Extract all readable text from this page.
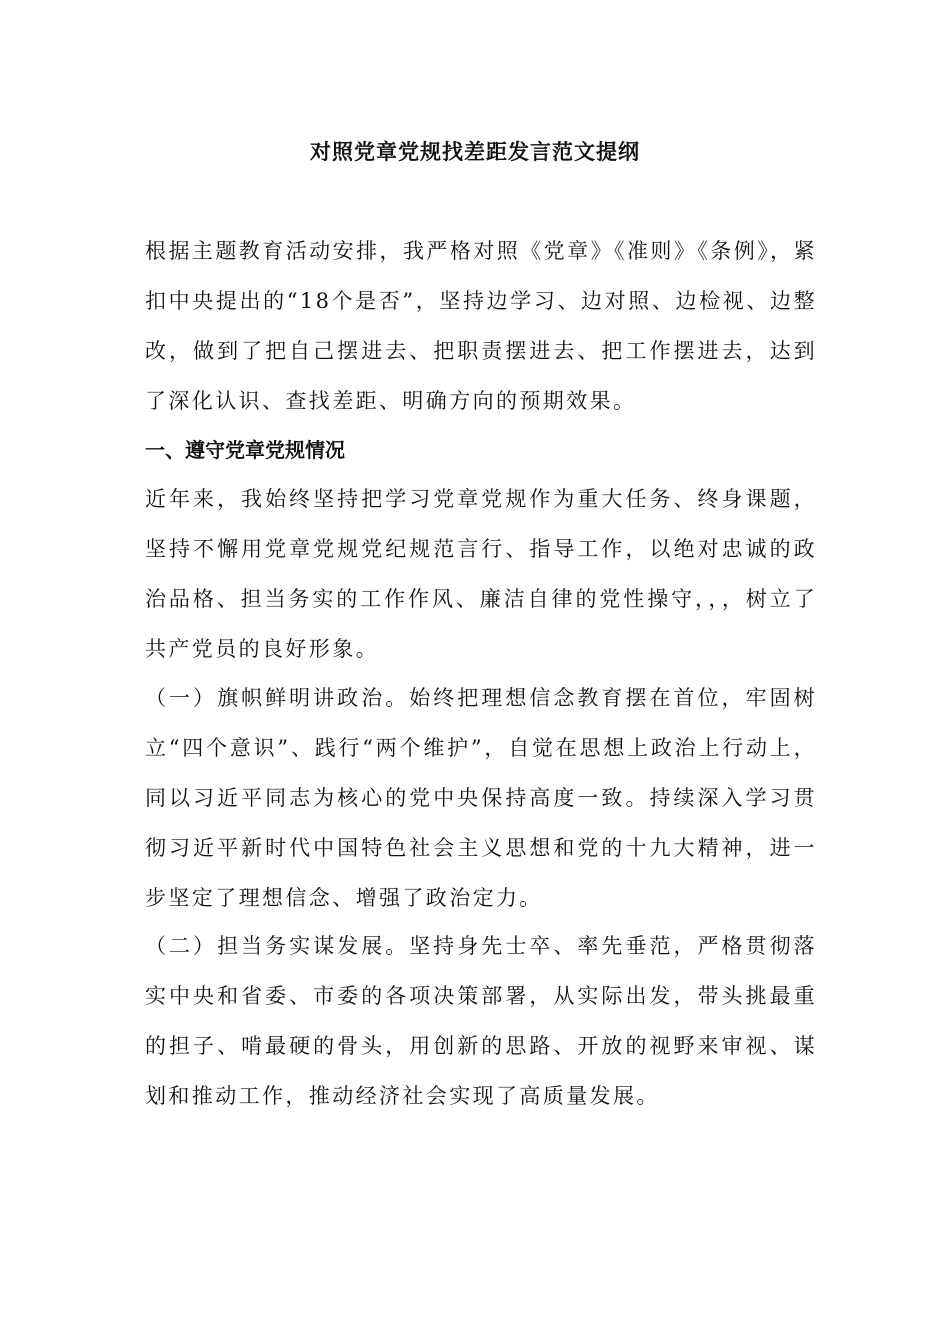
对照党章党规找差距发言范文提纲
根据主题教育活动安排，我严格对照《党章》《准则》《条例》，紧扣中央提出的“18个是否”，坚持边学习、边对照、边检视、边整改，做到了把自己摆进去、把职责摆进去、把工作摆进去，达到了深化认识、查找差距、明确方向的预期效果。
一、遵守党章党规情况
近年来，我始终坚持把学习党章党规作为重大任务、终身课题，坚持不懈用党章党规党纪规范言行、指导工作，以绝对忠诚的政治品格、担当务实的工作作风、廉洁自律的党性操守，，，树立了共产党员的良好形象。
（一）旗帜鲜明讲政治。始终把理想信念教育摆在首位，牢固树立“四个意识”、践行“两个维护”，自觉在思想上政治上行动上，同以习近平同志为核心的党中央保持高度一致。持续深入学习贯彻习近平新时代中国特色社会主义思想和党的十九大精神，进一步坚定了理想信念、增强了政治定力。
（二）担当务实谋发展。坚持身先士卒、率先垂范，严格贯彻落实中央和省委、市委的各项决策部署，从实际出发，带头挑最重的担子、啃最硬的骨头，用创新的思路、开放的视野来审视、谋划和推动工作，推动经济社会实现了高质量发展。
